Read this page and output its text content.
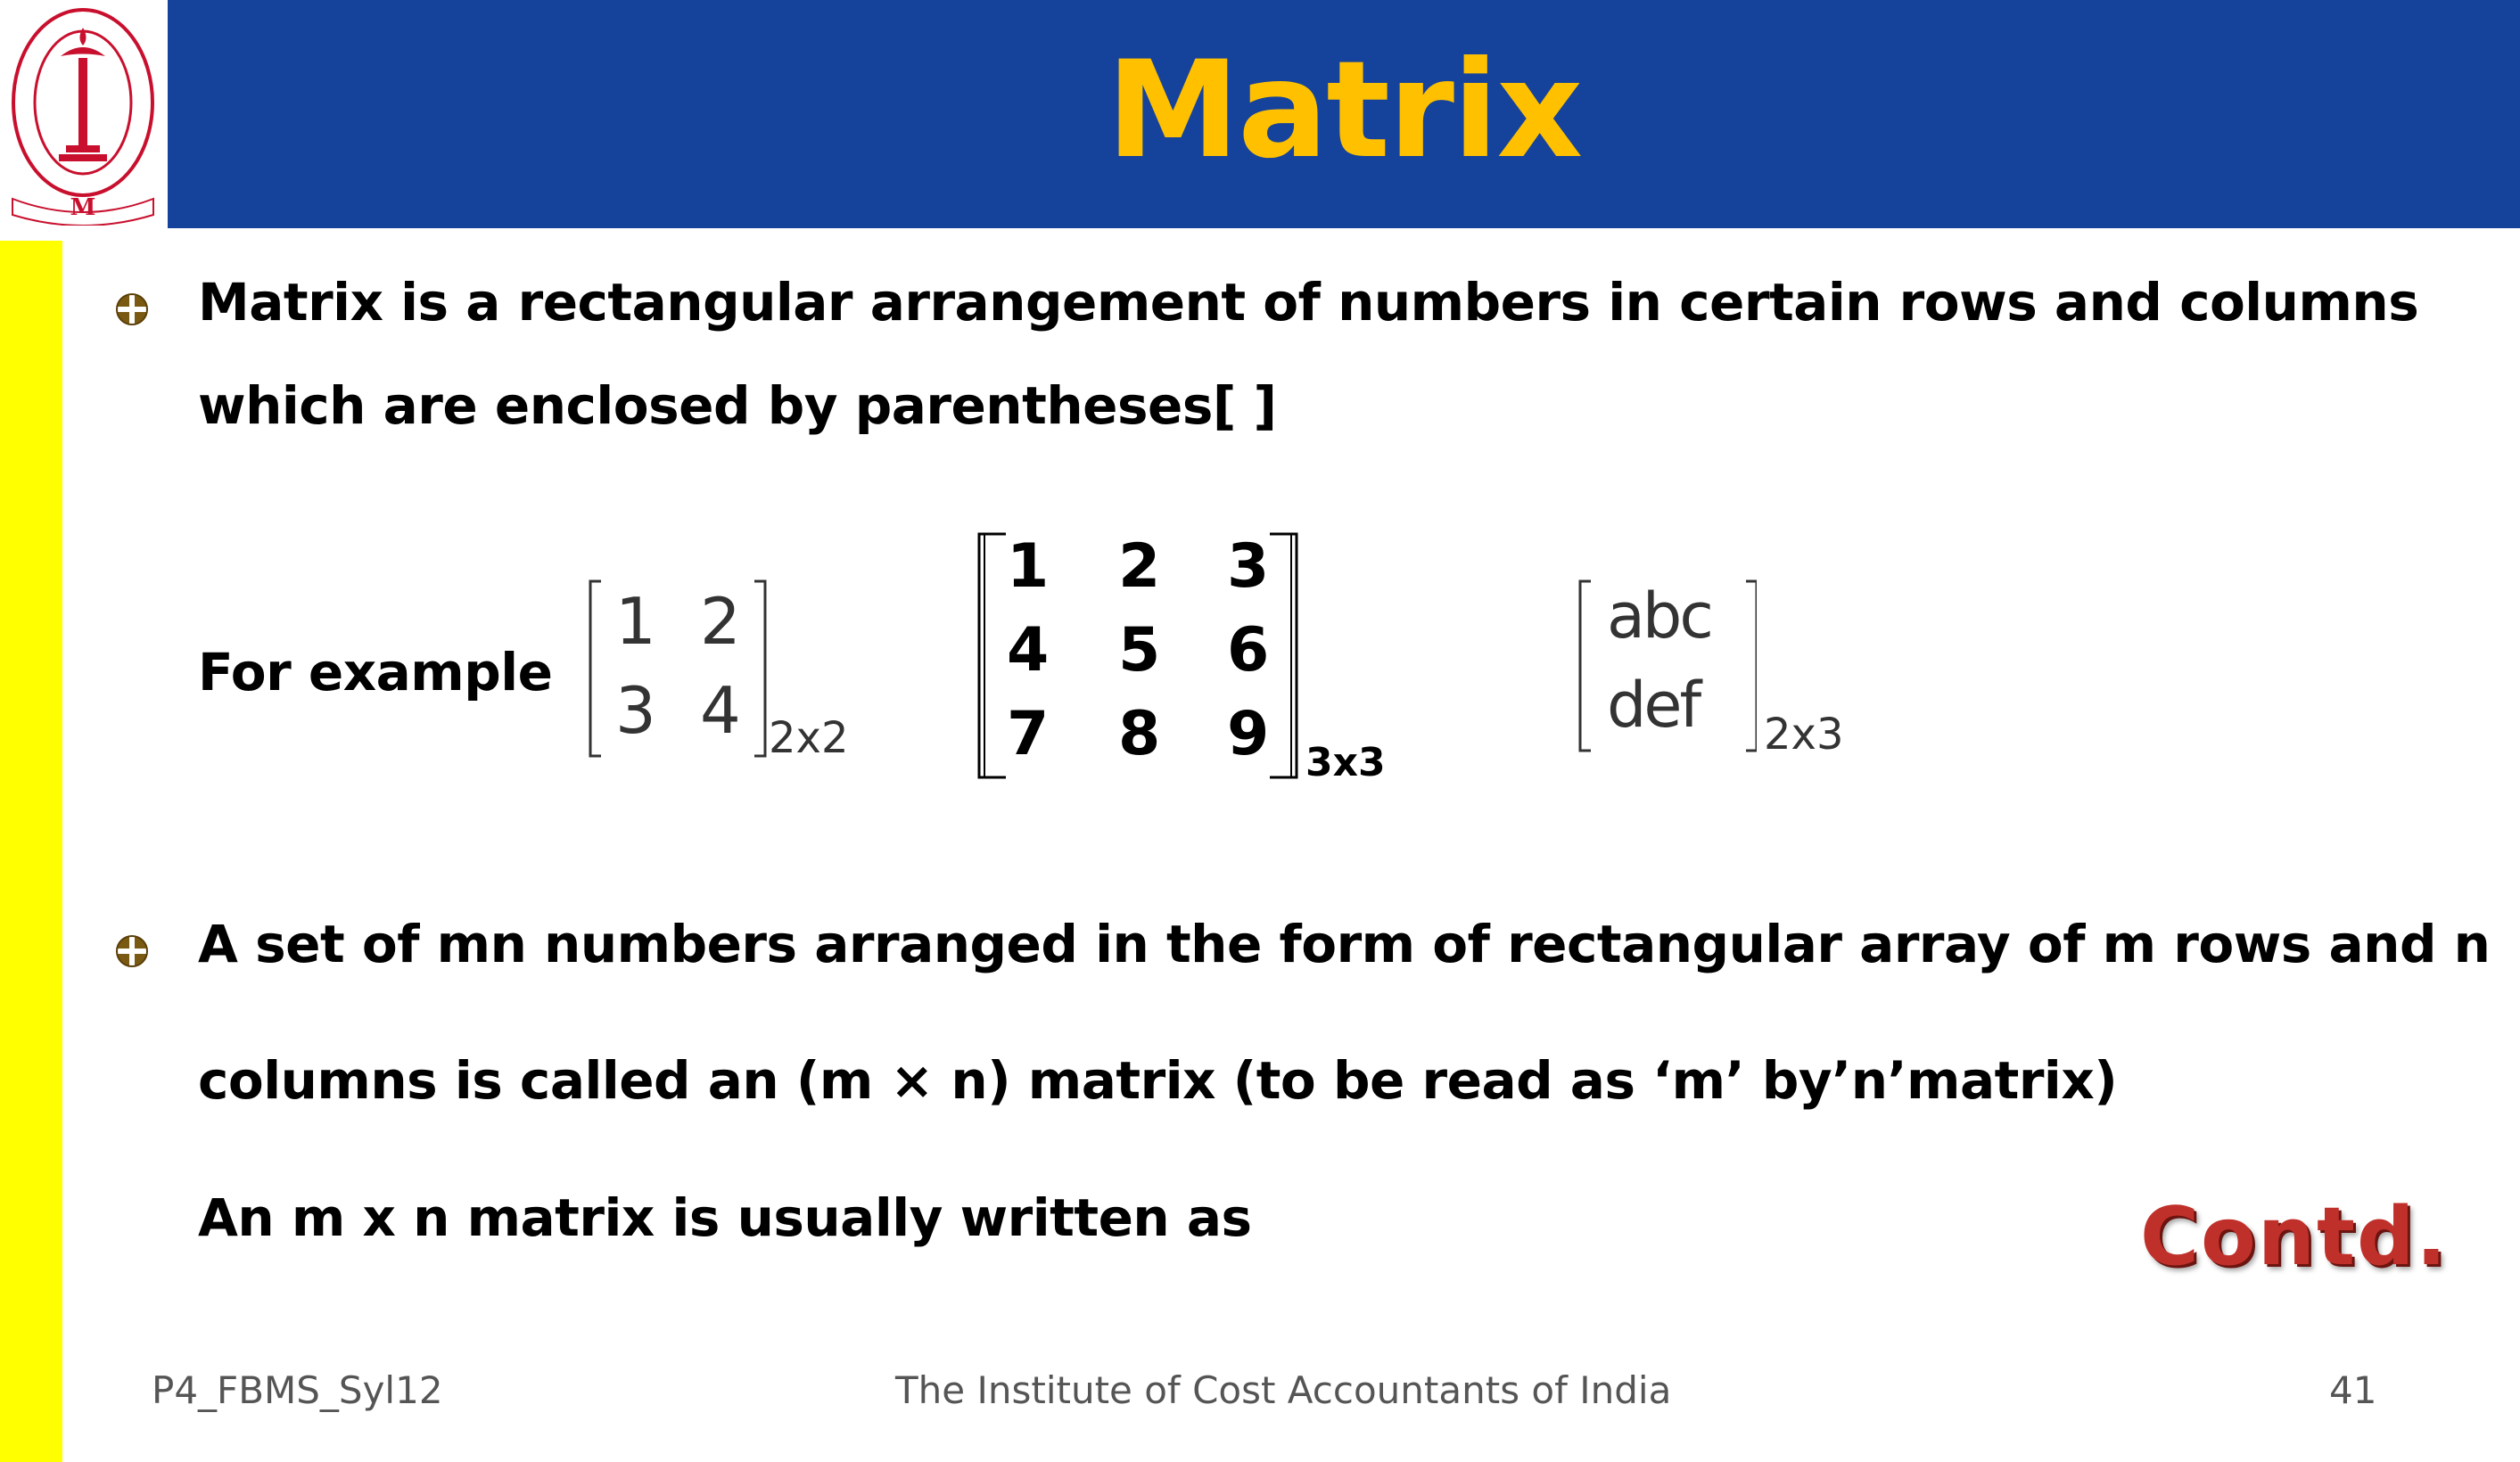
M
Matrix
Matrix is a rectangular arrangement of numbers in certain rows and columns
which are enclosed by parentheses[ ]
For example
1 2
3 4 2x2
1 2 3
4 5 6
7 8 9 3x3
abc
def 2x3
A set of mn numbers arranged in the form of rectangular array of m rows and n
columns is called an (m × n) matrix (to be read as ‘m’ by’n’matrix)
An m x n matrix is usually written as	Contd.
P4_FBMS_Syl12	The Institute of Cost Accountants of India	41
